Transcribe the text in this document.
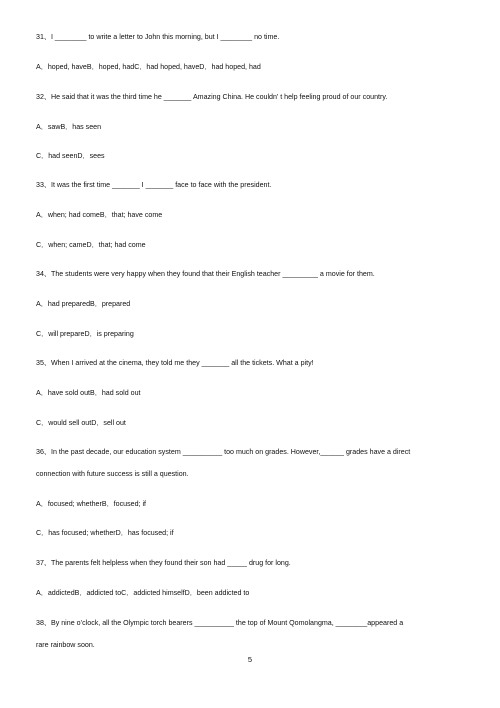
31、I ________ to write a letter to John this morning, but I ________ no time.
A．hoped, haveB．hoped, hadC．had hoped, haveD．had hoped, had
32、He said that it was the third time he _______ Amazing China. He couldn’ t help feeling proud of our country.
A．sawB．has seen
C．had seenD．sees
33、It was the first time _______ I _______ face to face with the president.
A．when; had comeB．that; have come
C．when; cameD．that; had come
34、The students were very happy when they found that their English teacher _________ a movie for them.
A．had preparedB．prepared
C．will prepareD．is preparing
35、When I arrived at the cinema, they told me they _______ all the tickets. What a pity!
A．have sold outB．had sold out
C．would sell outD．sell out
36、In the past decade, our education system __________ too much on grades. However,______ grades have a direct
connection with future success is still a question.
A．focused; whetherB．focused; if
C．has focused; whetherD．has focused; if
37、The parents felt helpless when they found their son had _____ drug for long.
A．addictedB．addicted toC．addicted himselfD．been addicted to
38、By nine o’clock, all the Olympic torch bearers __________ the top of Mount Qomolangma, ________appeared a
rare rainbow soon.
5
